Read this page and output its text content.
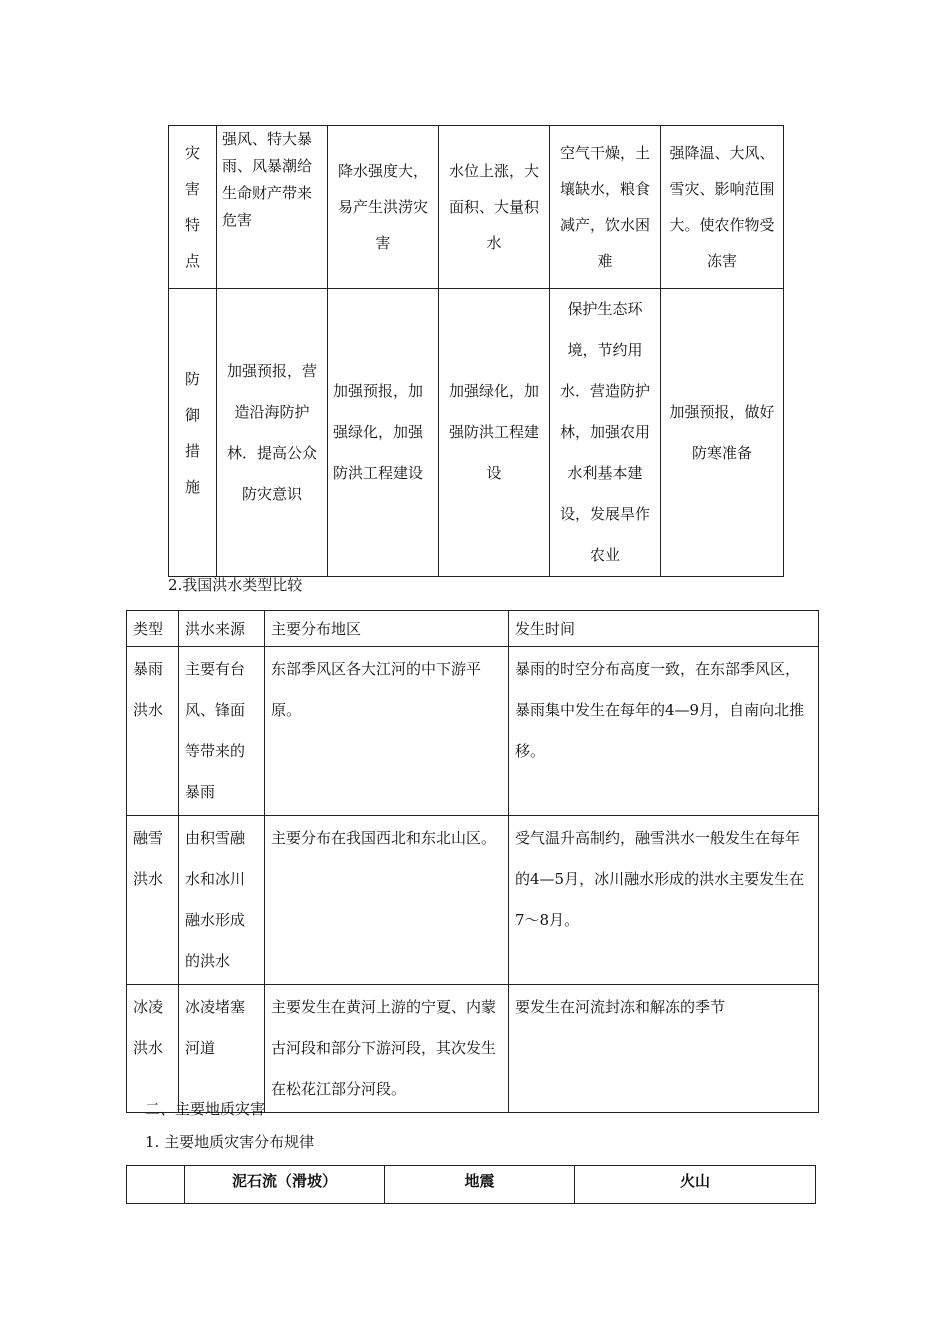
灾
害
特
点	强风、特大暴雨、风暴潮给生命财产带来危害	降水强度大，易产生洪涝灾害	水位上涨，大面积、大量积水	空气干燥，土壤缺水，粮食减产，饮水困难	强降温、大风、雪灾、影响范围大。使农作物受冻害

防
御
措
施	加强预报，营造沿海防护林．提高公众防灾意识	加强预报，加强绿化，加强防洪工程建设	加强绿化，加强防洪工程建设	保护生态环境，节约用水．营造防护林，加强农用水利基本建设，发展旱作农业	加强预报，做好防寒准备
2.我国洪水类型比较
类型	洪水来源	主要分布地区	发生时间
暴雨洪水	主要有台风、锋面等带来的暴雨	东部季风区各大江河的中下游平原。	暴雨的时空分布高度一致，在东部季风区，暴雨集中发生在每年的4—9月，自南向北推移。
融雪洪水	由积雪融水和冰川融水形成的洪水	主要分布在我国西北和东北山区。	受气温升高制约，融雪洪水一般发生在每年的4—5月，冰川融水形成的洪水主要发生在7～8月。
冰凌洪水	冰凌堵塞河道	主要发生在黄河上游的宁夏、内蒙古河段和部分下游河段，其次发生在松花江部分河段。	要发生在河流封冻和解冻的季节
二、主要地质灾害
1. 主要地质灾害分布规律
	泥石流（滑坡）	地震	火山
